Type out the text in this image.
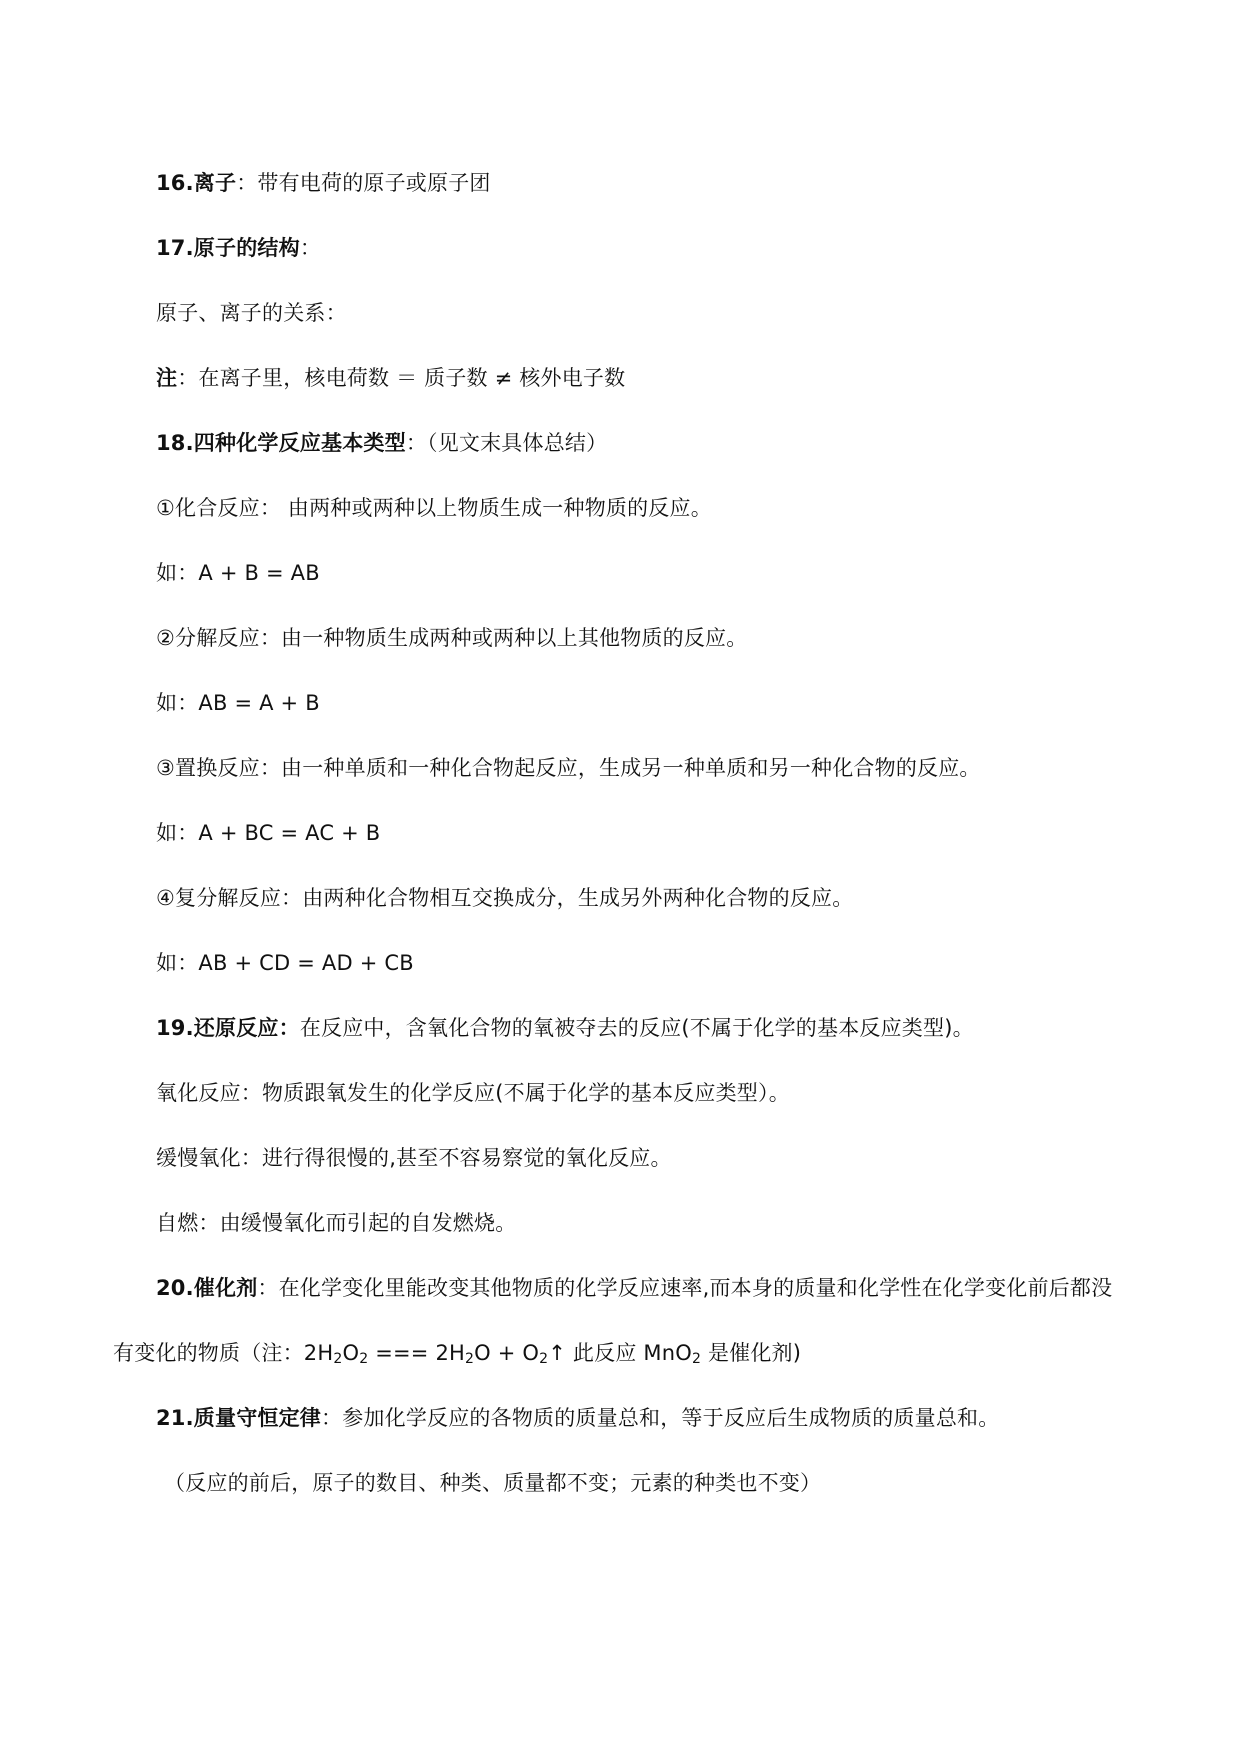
16.离子：带有电荷的原子或原子团
17.原子的结构：
原子、离子的关系：
注：在离子里，核电荷数 ＝ 质子数 ≠ 核外电子数
18.四种化学反应基本类型：（见文末具体总结）
①化合反应： 由两种或两种以上物质生成一种物质的反应。
如：A + B = AB
②分解反应：由一种物质生成两种或两种以上其他物质的反应。
如：AB = A + B
③置换反应：由一种单质和一种化合物起反应，生成另一种单质和另一种化合物的反应。
如：A + BC = AC + B
④复分解反应：由两种化合物相互交换成分，生成另外两种化合物的反应。
如：AB + CD = AD + CB
19.还原反应：在反应中，含氧化合物的氧被夺去的反应(不属于化学的基本反应类型)。
氧化反应：物质跟氧发生的化学反应(不属于化学的基本反应类型）。
缓慢氧化：进行得很慢的,甚至不容易察觉的氧化反应。
自燃：由缓慢氧化而引起的自发燃烧。
20.催化剂：在化学变化里能改变其他物质的化学反应速率,而本身的质量和化学性在化学变化前后都没
有变化的物质（注：$2H_2O_2$ === $2H_2O$ + $O_2↑$ 此反应 MnO$_2$ 是催化剂)
21.质量守恒定律：参加化学反应的各物质的质量总和，等于反应后生成物质的质量总和。
（反应的前后，原子的数目、种类、质量都不变；元素的种类也不变）
